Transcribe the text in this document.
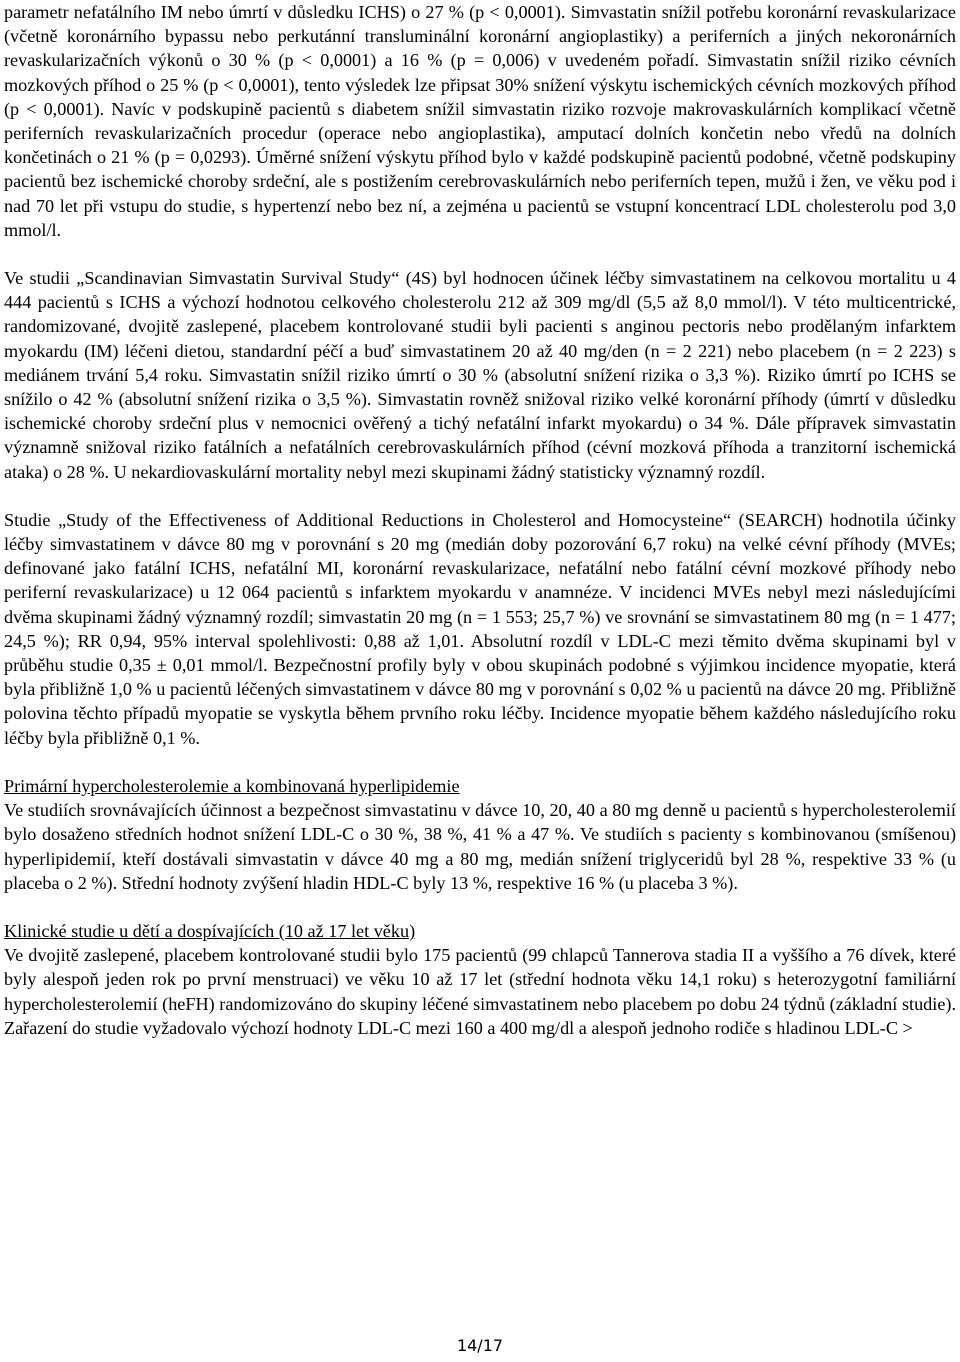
parametr nefatálního IM nebo úmrtí v důsledku ICHS) o 27 % (p < 0,0001). Simvastatin snížil potřebu koronární revaskularizace (včetně koronárního bypassu nebo perkutánní transluminální koronární angioplastiky) a periferních a jiných nekoronárních revaskularizačních výkonů o 30 % (p < 0,0001) a 16 % (p = 0,006) v uvedeném pořadí. Simvastatin snížil riziko cévních mozkových příhod o 25 % (p < 0,0001), tento výsledek lze připsat 30% snížení výskytu ischemických cévních mozkových příhod (p < 0,0001). Navíc v podskupině pacientů s diabetem snížil simvastatin riziko rozvoje makrovaskulárních komplikací včetně periferních revaskularizačních procedur (operace nebo angioplastika), amputací dolních končetin nebo vředů na dolních končetinách o 21 % (p = 0,0293). Úměrné snížení výskytu příhod bylo v každé podskupině pacientů podobné, včetně podskupiny pacientů bez ischemické choroby srdeční, ale s postižením cerebrovaskulárních nebo periferních tepen, mužů i žen, ve věku pod i nad 70 let při vstupu do studie, s hypertenzí nebo bez ní, a zejména u pacientů se vstupní koncentrací LDL cholesterolu pod 3,0 mmol/l.

Ve studii „Scandinavian Simvastatin Survival Study“ (4S) byl hodnocen účinek léčby simvastatinem na celkovou mortalitu u 4 444 pacientů s ICHS a výchozí hodnotou celkového cholesterolu 212 až 309 mg/dl (5,5 až 8,0 mmol/l). V této multicentrické, randomizované, dvojitě zaslepené, placebem kontrolované studii byli pacienti s anginou pectoris nebo prodělaným infarktem myokardu (IM) léčeni dietou, standardní péčí a buď simvastatinem 20 až 40 mg/den (n = 2 221) nebo placebem (n = 2 223) s mediánem trvání 5,4 roku. Simvastatin snížil riziko úmrtí o 30 % (absolutní snížení rizika o 3,3 %). Riziko úmrtí po ICHS se snížilo o 42 % (absolutní snížení rizika o 3,5 %). Simvastatin rovněž snižoval riziko velké koronární příhody (úmrtí v důsledku ischemické choroby srdeční plus v nemocnici ověřený a tichý nefatální infarkt myokardu) o 34 %. Dále přípravek simvastatin významně snižoval riziko fatálních a nefatálních cerebrovaskulárních příhod (cévní mozková příhoda a tranzitorní ischemická ataka) o 28 %. U nekardiovaskulární mortality nebyl mezi skupinami žádný statisticky významný rozdíl.

Studie „Study of the Effectiveness of Additional Reductions in Cholesterol and Homocysteine“ (SEARCH) hodnotila účinky léčby simvastatinem v dávce 80 mg v porovnání s 20 mg (medián doby pozorování 6,7 roku) na velké cévní příhody (MVEs; definované jako fatální ICHS, nefatální MI, koronární revaskularizace, nefatální nebo fatální cévní mozkové příhody nebo periferní revaskularizace) u 12 064 pacientů s infarktem myokardu v anamnéze. V incidenci MVEs nebyl mezi následujícími dvěma skupinami žádný významný rozdíl; simvastatin 20 mg (n = 1 553; 25,7 %) ve srovnání se simvastatinem 80 mg (n = 1 477; 24,5 %); RR 0,94, 95% interval spolehlivosti: 0,88 až 1,01. Absolutní rozdíl v LDL-C mezi těmito dvěma skupinami byl v průběhu studie 0,35 ± 0,01 mmol/l. Bezpečnostní profily byly v obou skupinách podobné s výjimkou incidence myopatie, která byla přibližně 1,0 % u pacientů léčených simvastatinem v dávce 80 mg v porovnání s 0,02 % u pacientů na dávce 20 mg. Přibližně polovina těchto případů myopatie se vyskytla během prvního roku léčby. Incidence myopatie během každého následujícího roku léčby byla přibližně 0,1 %.

Primární hypercholesterolemie a kombinovaná hyperlipidemie

Ve studiích srovnávajících účinnost a bezpečnost simvastatinu v dávce 10, 20, 40 a 80 mg denně u pacientů s hypercholesterolemií bylo dosaženo středních hodnot snížení LDL-C o 30 %, 38 %, 41 % a 47 %. Ve studiích s pacienty s kombinovanou (smíšenou) hyperlipidemií, kteří dostávali simvastatin v dávce 40 mg a 80 mg, medián snížení triglyceridů byl 28 %, respektive 33 % (u placeba o 2 %). Střední hodnoty zvýšení hladin HDL-C byly 13 %, respektive 16 % (u placeba 3 %).

Klinické studie u dětí a dospívajících (10 až 17 let věku)

Ve dvojitě zaslepené, placebem kontrolované studii bylo 175 pacientů (99 chlapců Tannerova stadia II a vyššího a 76 dívek, které byly alespoň jeden rok po první menstruaci) ve věku 10 až 17 let (střední hodnota věku 14,1 roku) s heterozygotní familiární hypercholesterolemií (heFH) randomizováno do skupiny léčené simvastatinem nebo placebem po dobu 24 týdnů (základní studie). Zařazení do studie vyžadovalo výchozí hodnoty LDL-C mezi 160 a 400 mg/dl a alespoň jednoho rodiče s hladinou LDL-C >

14/17
